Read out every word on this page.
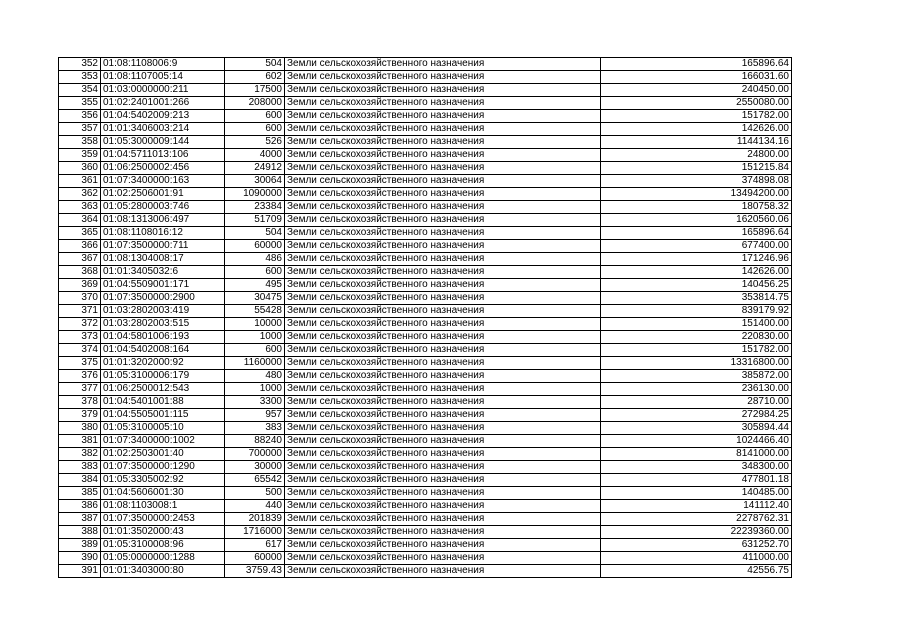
352	01:08:1108006:9	504	Земли сельскохозяйственного назначения	165896.64
353	01:08:1107005:14	602	Земли сельскохозяйственного назначения	166031.60
354	01:03:0000000:211	17500	Земли сельскохозяйственного назначения	240450.00
355	01:02:2401001:266	208000	Земли сельскохозяйственного назначения	2550080.00
356	01:04:5402009:213	600	Земли сельскохозяйственного назначения	151782.00
357	01:01:3406003:214	600	Земли сельскохозяйственного назначения	142626.00
358	01:05:3000009:144	526	Земли сельскохозяйственного назначения	1144134.16
359	01:04:5711013:106	4000	Земли сельскохозяйственного назначения	24800.00
360	01:06:2500002:456	24912	Земли сельскохозяйственного назначения	151215.84
361	01:07:3400000:163	30064	Земли сельскохозяйственного назначения	374898.08
362	01:02:2506001:91	1090000	Земли сельскохозяйственного назначения	13494200.00
363	01:05:2800003:746	23384	Земли сельскохозяйственного назначения	180758.32
364	01:08:1313006:497	51709	Земли сельскохозяйственного назначения	1620560.06
365	01:08:1108016:12	504	Земли сельскохозяйственного назначения	165896.64
366	01:07:3500000:711	60000	Земли сельскохозяйственного назначения	677400.00
367	01:08:1304008:17	486	Земли сельскохозяйственного назначения	171246.96
368	01:01:3405032:6	600	Земли сельскохозяйственного назначения	142626.00
369	01:04:5509001:171	495	Земли сельскохозяйственного назначения	140456.25
370	01:07:3500000:2900	30475	Земли сельскохозяйственного назначения	353814.75
371	01:03:2802003:419	55428	Земли сельскохозяйственного назначения	839179.92
372	01:03:2802003:515	10000	Земли сельскохозяйственного назначения	151400.00
373	01:04:5801006:193	1000	Земли сельскохозяйственного назначения	220830.00
374	01:04:5402008:164	600	Земли сельскохозяйственного назначения	151782.00
375	01:01:3202000:92	1160000	Земли сельскохозяйственного назначения	13316800.00
376	01:05:3100006:179	480	Земли сельскохозяйственного назначения	385872.00
377	01:06:2500012:543	1000	Земли сельскохозяйственного назначения	236130.00
378	01:04:5401001:88	3300	Земли сельскохозяйственного назначения	28710.00
379	01:04:5505001:115	957	Земли сельскохозяйственного назначения	272984.25
380	01:05:3100005:10	383	Земли сельскохозяйственного назначения	305894.44
381	01:07:3400000:1002	88240	Земли сельскохозяйственного назначения	1024466.40
382	01:02:2503001:40	700000	Земли сельскохозяйственного назначения	8141000.00
383	01:07:3500000:1290	30000	Земли сельскохозяйственного назначения	348300.00
384	01:05:3305002:92	65542	Земли сельскохозяйственного назначения	477801.18
385	01:04:5606001:30	500	Земли сельскохозяйственного назначения	140485.00
386	01:08:1103008:1	440	Земли сельскохозяйственного назначения	141112.40
387	01:07:3500000:2453	201839	Земли сельскохозяйственного назначения	2278762.31
388	01:01:3502000:43	1716000	Земли сельскохозяйственного назначения	22239360.00
389	01:05:3100008:96	617	Земли сельскохозяйственного назначения	631252.70
390	01:05:0000000:1288	60000	Земли сельскохозяйственного назначения	411000.00
391	01:01:3403000:80	3759.43	Земли сельскохозяйственного назначения	42556.75
